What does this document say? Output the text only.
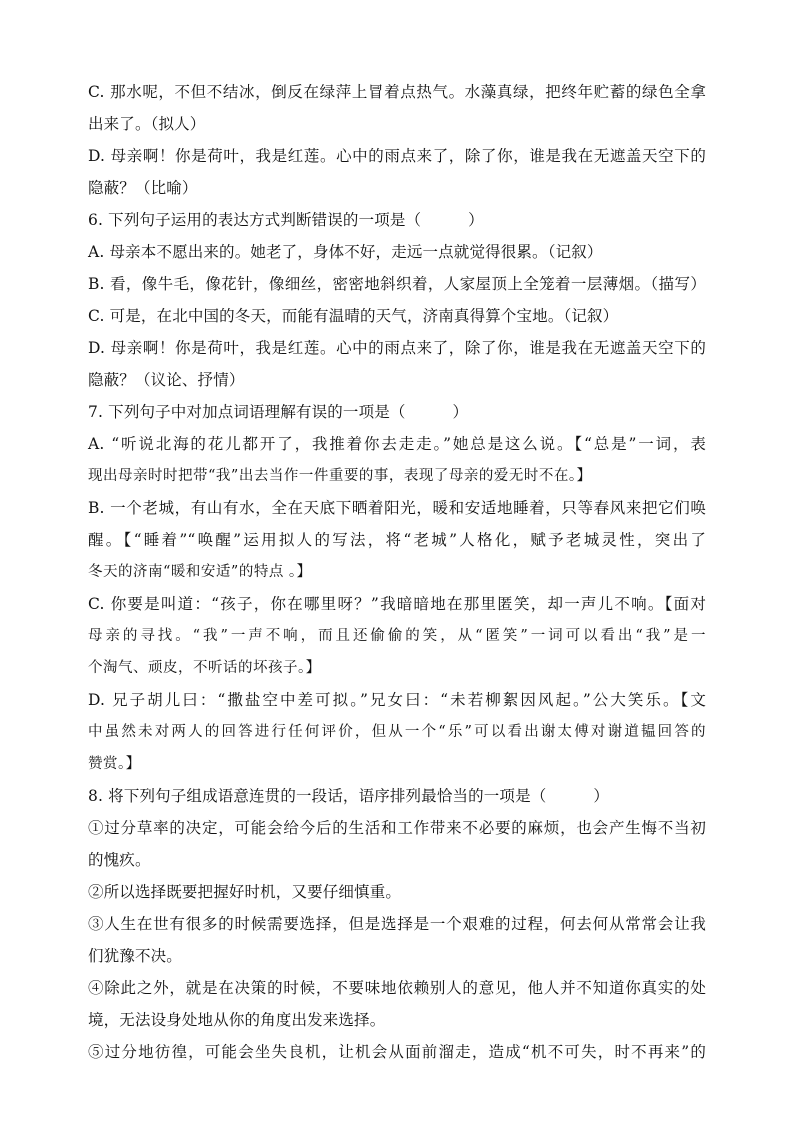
C. 那水呢，不但不结冰，倒反在绿萍上冒着点热气。水藻真绿，把终年贮蓄的绿色全拿
出来了。（拟人）
D. 母亲啊！你是荷叶，我是红莲。心中的雨点来了，除了你，谁是我在无遮盖天空下的
隐蔽？（比喻）
6. 下列句子运用的表达方式判断错误的一项是（　　　）
A. 母亲本不愿出来的。她老了，身体不好，走远一点就觉得很累。（记叙）
B. 看，像牛毛，像花针，像细丝，密密地斜织着，人家屋顶上全笼着一层薄烟。（描写）
C. 可是，在北中国的冬天，而能有温晴的天气，济南真得算个宝地。（记叙）
D. 母亲啊！你是荷叶，我是红莲。心中的雨点来了，除了你，谁是我在无遮盖天空下的
隐蔽？（议论、抒情）
7. 下列句子中对加点词语理解有误的一项是（　　　）
A. “听说北海的花儿都开了，我推着你去走走。”她总是这么说。【“总是”一词，表
现出母亲时时把带“我”出去当作一件重要的事，表现了母亲的爱无时不在。】
B. 一个老城，有山有水，全在天底下晒着阳光，暖和安适地睡着，只等春风来把它们唤
醒。【“睡着”“唤醒”运用拟人的写法，将“老城”人格化，赋予老城灵性，突出了
冬天的济南“暖和安适”的特点 。】
C. 你要是叫道：“孩子，你在哪里呀？”我暗暗地在那里匿笑，却一声儿不响。【面对
母亲的寻找。“我”一声不响，而且还偷偷的笑，从“匿笑”一词可以看出“我”是一
个淘气、顽皮，不听话的坏孩子。】
D. 兄子胡儿曰：“撒盐空中差可拟。”兄女曰：“未若柳絮因风起。”公大笑乐。【文
中虽然未对两人的回答进行任何评价，但从一个“乐”可以看出谢太傅对谢道韫回答的
赞赏。】
8. 将下列句子组成语意连贯的一段话，语序排列最恰当的一项是（　　　）
①过分草率的决定，可能会给今后的生活和工作带来不必要的麻烦，也会产生悔不当初
的愧疚。
②所以选择既要把握好时机，又要仔细慎重。
③人生在世有很多的时候需要选择，但是选择是一个艰难的过程，何去何从常常会让我
们犹豫不决。
④除此之外，就是在决策的时候，不要味地依赖别人的意见，他人并不知道你真实的处
境，无法设身处地从你的角度出发来选择。
⑤过分地彷徨，可能会坐失良机，让机会从面前溜走，造成“机不可失，时不再来”的
